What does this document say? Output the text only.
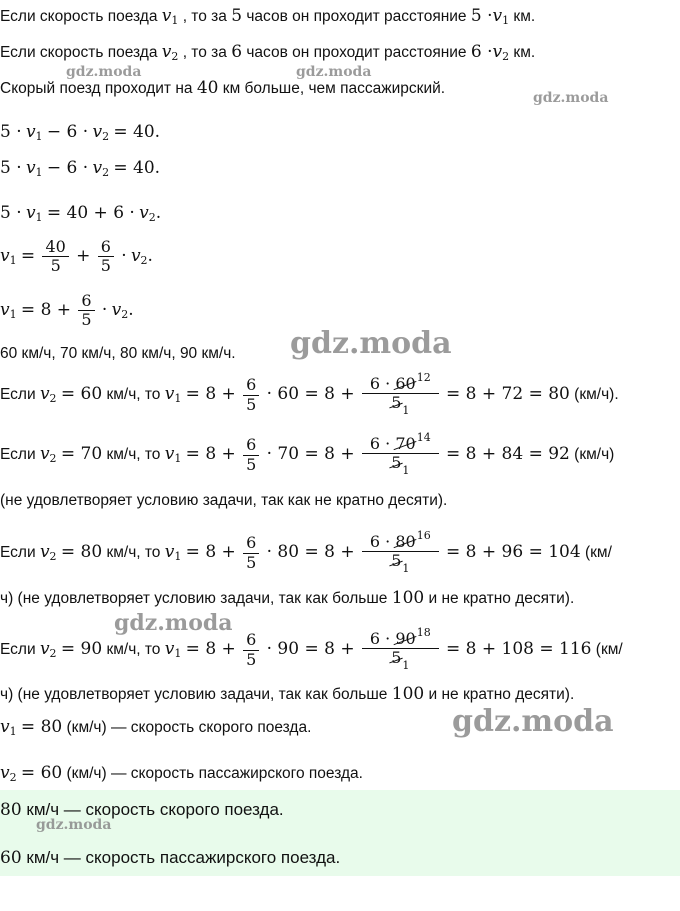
Если скорость поезда $v_1$ , то за 5 часов он проходит расстояние $5 \cdot v_1$ км.
Если скорость поезда $v_2$ , то за 6 часов он проходит расстояние $6 \cdot v_2$ км.
Скорый поезд проходит на 40 км больше, чем пассажирский.
$5 \cdot v_1 - 6 \cdot v_2 = 40$.
$5 \cdot v_1 - 6 \cdot v_2 = 40$.
$5 \cdot v_1 = 40 + 6 \cdot v_2$.
$v_1 = \frac{40}{5} + \frac{6}{5} \cdot v_2$.
$v_1 = 8 + \frac{6}{5} \cdot v_2$.
60 км/ч, 70 км/ч, 80 км/ч, 90 км/ч.
Если $v_2 = 60$ км/ч, то $v_1 = 8 + \frac{6}{5} \cdot 60 = 8 + \frac{6 \cdot 60^{12}}{5_1} = 8 + 72 = 80$ (км/ч).
Если $v_2 = 70$ км/ч, то $v_1 = 8 + \frac{6}{5} \cdot 70 = 8 + \frac{6 \cdot 70^{14}}{5_1} = 8 + 84 = 92$ (км/ч)
(не удовлетворяет условию задачи, так как не кратно десяти).
Если $v_2 = 80$ км/ч, то $v_1 = 8 + \frac{6}{5} \cdot 80 = 8 + \frac{6 \cdot 80^{16}}{5_1} = 8 + 96 = 104$ (км/
ч) (не удовлетворяет условию задачи, так как больше 100 и не кратно десяти).
Если $v_2 = 90$ км/ч, то $v_1 = 8 + \frac{6}{5} \cdot 90 = 8 + \frac{6 \cdot 90^{18}}{5_1} = 8 + 108 = 116$ (км/
ч) (не удовлетворяет условию задачи, так как больше 100 и не кратно десяти).
$v_1 = 80$ (км/ч) — скорость скорого поезда.
$v_2 = 60$ (км/ч) — скорость пассажирского поезда.
80 км/ч — скорость скорого поезда.
60 км/ч — скорость пассажирского поезда.
gdz.moda	gdz.moda
gdz.moda
gdz.moda
gdz.moda
gdz.moda
gdz.moda
